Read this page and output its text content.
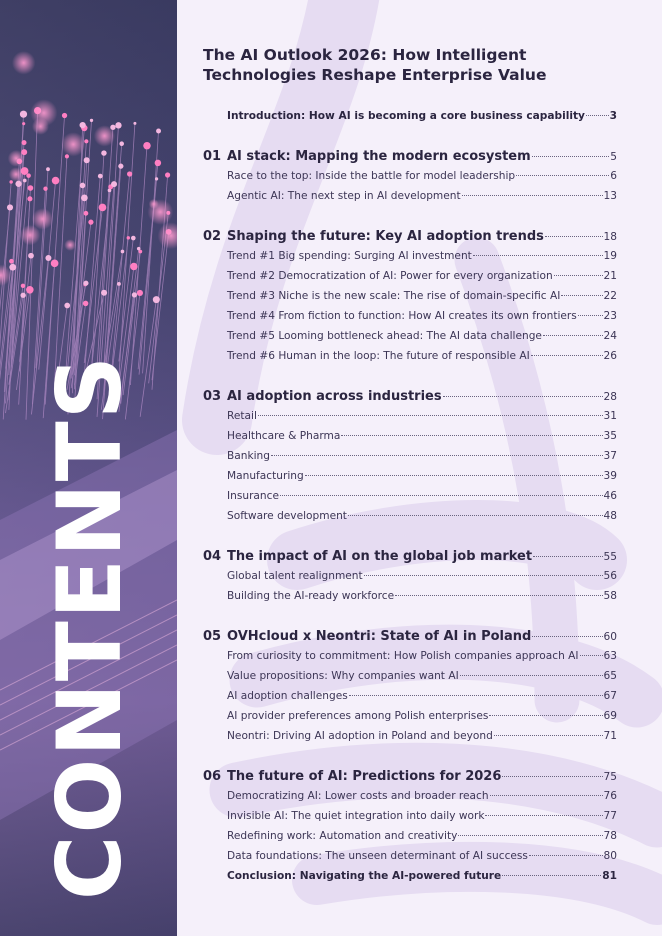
CONTENTS
The AI Outlook 2026: How Intelligent Technologies Reshape Enterprise Value
Introduction: How AI is becoming a core business capability 3
01 AI stack: Mapping the modern ecosystem	5
Race to the top: Inside the battle for model leadership	6
Agentic AI: The next step in AI development	13
02 Shaping the future: Key AI adoption trends	18
Trend #1 Big spending: Surging AI investment	19
Trend #2 Democratization of AI: Power for every organization	21
Trend #3 Niche is the new scale: The rise of domain-specific AI	22
Trend #4 From fiction to function: How AI creates its own frontiers	23
Trend #5 Looming bottleneck ahead: The AI data challenge	24
Trend #6 Human in the loop: The future of responsible AI	26
03 AI adoption across industries	28
Retail	31
Healthcare & Pharma	35
Banking	37
Manufacturing	39
Insurance	46
Software development	48
04 The impact of AI on the global job market	55
Global talent realignment	56
Building the AI-ready workforce	58
05 OVHcloud x Neontri: State of AI in Poland	60
From curiosity to commitment: How Polish companies approach AI 63
Value propositions: Why companies want AI	65
AI adoption challenges	67
AI provider preferences among Polish enterprises	69
Neontri: Driving AI adoption in Poland and beyond	71
06 The future of AI: Predictions for 2026	75
Democratizing AI: Lower costs and broader reach	76
Invisible AI: The quiet integration into daily work	77
Redefining work: Automation and creativity	78
Data foundations: The unseen determinant of AI success	80
Conclusion: Navigating the AI-powered future	81
